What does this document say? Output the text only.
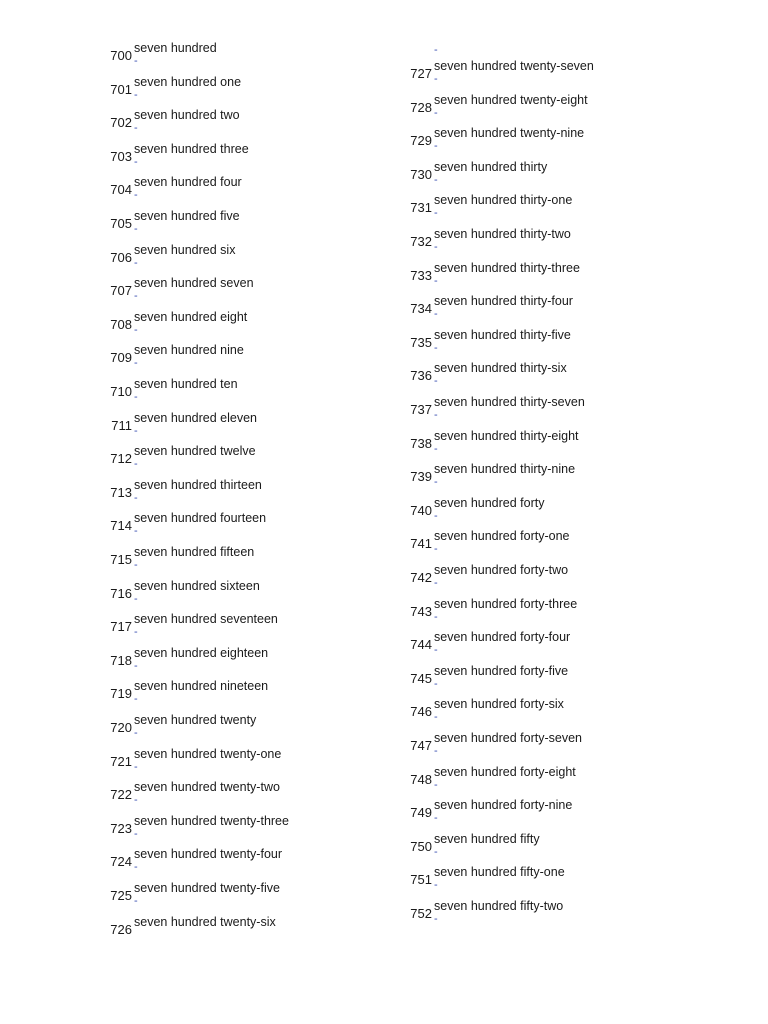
700 seven hundred
-
701 seven hundred one
-
702 seven hundred two
-
703 seven hundred three
-
704 seven hundred four
-
705 seven hundred five
-
706 seven hundred six
-
707 seven hundred seven
-
708 seven hundred eight
-
709 seven hundred nine
-
710 seven hundred ten
-
711 seven hundred eleven
-
712 seven hundred twelve
-
713 seven hundred thirteen
-
714 seven hundred fourteen
-
715 seven hundred fifteen
-
716 seven hundred sixteen
-
717 seven hundred seventeen
-
718 seven hundred eighteen
-
719 seven hundred nineteen
-
720 seven hundred twenty
-
721 seven hundred twenty-one
-
722 seven hundred twenty-two
-
723 seven hundred twenty-three
-
724 seven hundred twenty-four
-
725 seven hundred twenty-five
-
726 seven hundred twenty-six
727 seven hundred twenty-seven
-
-
728 seven hundred twenty-eight
-
729 seven hundred twenty-nine
-
730 seven hundred thirty
-
731 seven hundred thirty-one
-
732 seven hundred thirty-two
-
733 seven hundred thirty-three
-
734 seven hundred thirty-four
-
735 seven hundred thirty-five
-
736 seven hundred thirty-six
-
737 seven hundred thirty-seven
-
738 seven hundred thirty-eight
-
739 seven hundred thirty-nine
-
740 seven hundred forty
-
741 seven hundred forty-one
-
742 seven hundred forty-two
-
743 seven hundred forty-three
-
744 seven hundred forty-four
-
745 seven hundred forty-five
-
746 seven hundred forty-six
-
747 seven hundred forty-seven
-
748 seven hundred forty-eight
-
749 seven hundred forty-nine
-
750 seven hundred fifty
-
751 seven hundred fifty-one
-
752 seven hundred fifty-two
-
